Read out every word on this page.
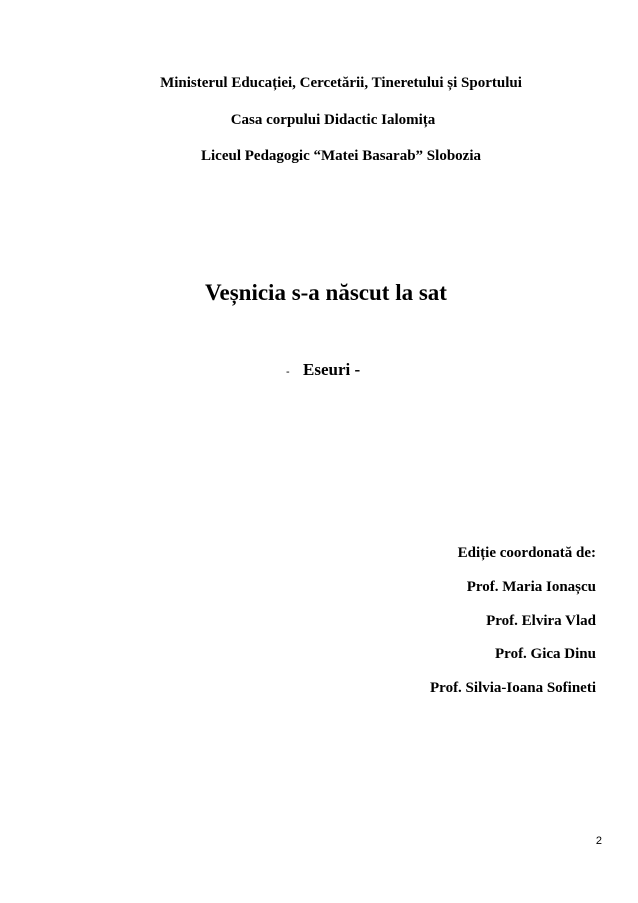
Ministerul Educației, Cercetării, Tineretului și Sportului
Casa corpului Didactic Ialomița
Liceul Pedagogic “Matei Basarab” Slobozia
Veșnicia s-a născut la sat
- Eseuri -
Ediție coordonată de:
Prof. Maria Ionașcu
Prof. Elvira Vlad
Prof. Gica Dinu
Prof. Silvia-Ioana Sofineti
2
